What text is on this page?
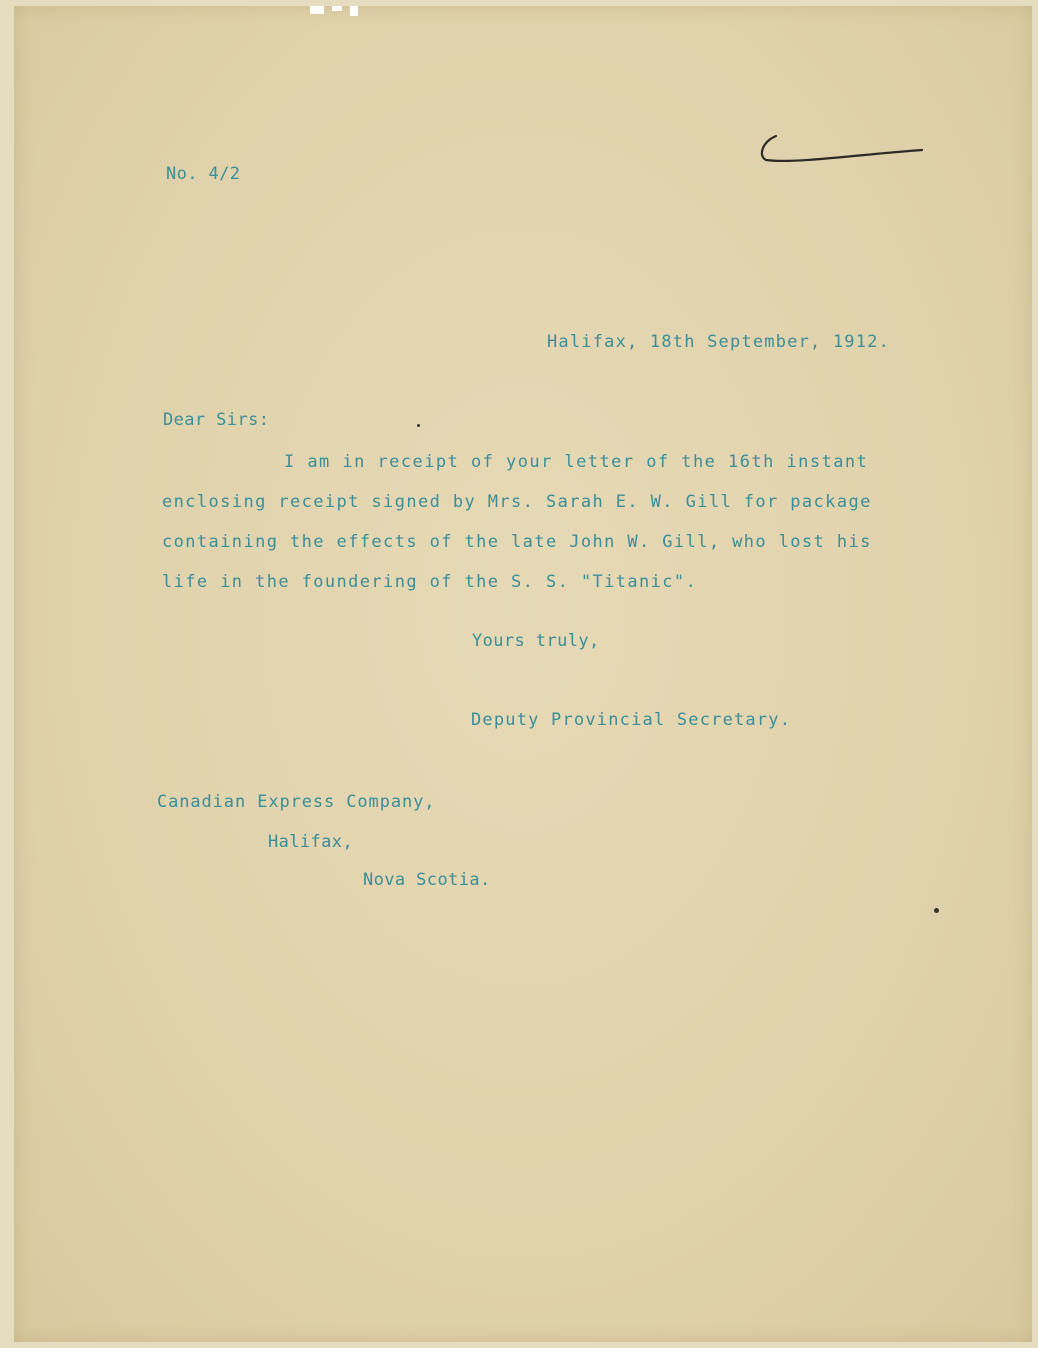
No. 4/2
Halifax, 18th September, 1912.
Dear Sirs:
I am in receipt of your letter of the 16th instant
enclosing receipt signed by Mrs. Sarah E. W. Gill for package
containing the effects of the late John W. Gill, who lost his
life in the foundering of the S. S. "Titanic".
Yours truly,
Deputy Provincial Secretary.
Canadian Express Company,
Halifax,
Nova Scotia.
